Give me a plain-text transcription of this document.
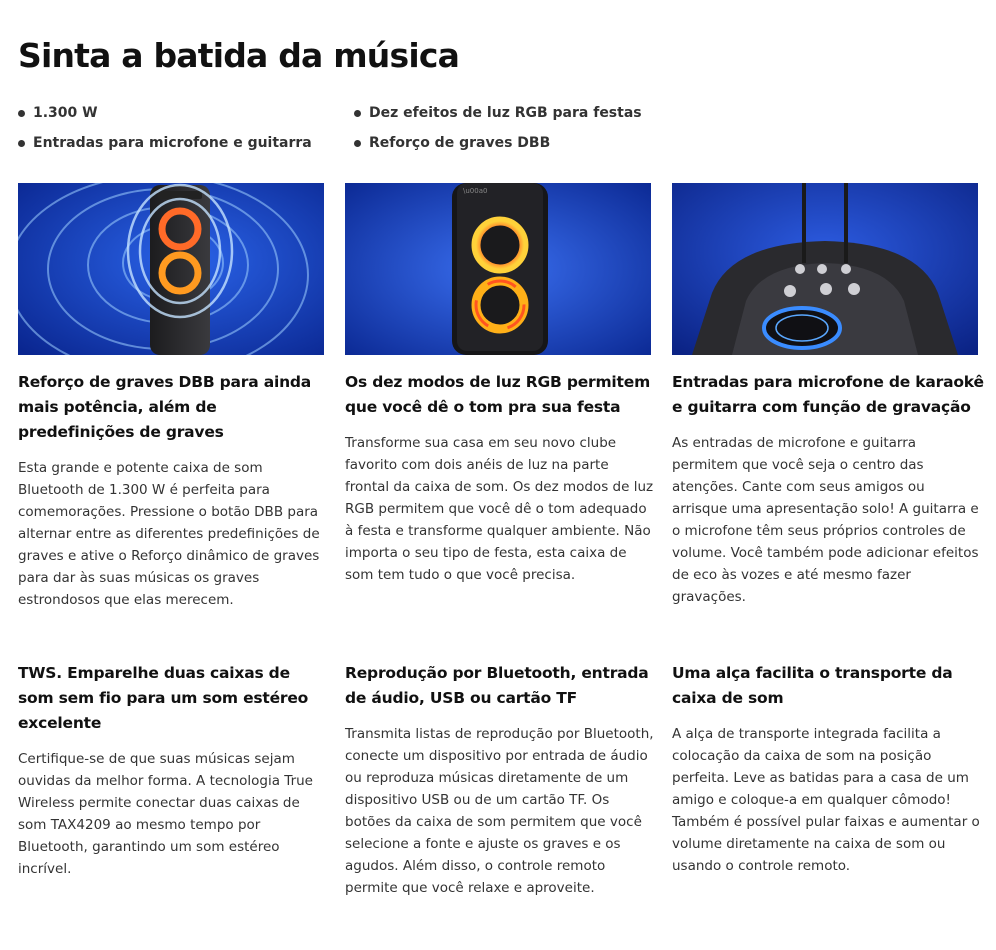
Sinta a batida da música
1.300 W
Entradas para microfone e guitarra
Dez efeitos de luz RGB para festas
Reforço de graves DBB
\u00a0
Reforço de graves DBB para ainda mais potência, além de predefinições de graves

Esta grande e potente caixa de som Bluetooth de 1.300 W é perfeita para comemorações. Pressione o botão DBB para alternar entre as diferentes predefinições de graves e ative o Reforço dinâmico de graves para dar às suas músicas os graves estrondosos que elas merecem.

Os dez modos de luz RGB permitem que você dê o tom pra sua festa

Transforme sua casa em seu novo clube favorito com dois anéis de luz na parte frontal da caixa de som. Os dez modos de luz RGB permitem que você dê o tom adequado à festa e transforme qualquer ambiente. Não importa o seu tipo de festa, esta caixa de som tem tudo o que você precisa.

Entradas para microfone de karaokê e guitarra com função de gravação

As entradas de microfone e guitarra permitem que você seja o centro das atenções. Cante com seus amigos ou arrisque uma apresentação solo! A guitarra e o microfone têm seus próprios controles de volume. Você também pode adicionar efeitos de eco às vozes e até mesmo fazer gravações.

TWS. Emparelhe duas caixas de som sem fio para um som estéreo excelente

Certifique-se de que suas músicas sejam ouvidas da melhor forma. A tecnologia True Wireless permite conectar duas caixas de som TAX4209 ao mesmo tempo por Bluetooth, garantindo um som estéreo incrível.

Reprodução por Bluetooth, entrada de áudio, USB ou cartão TF

Transmita listas de reprodução por Bluetooth, conecte um dispositivo por entrada de áudio ou reproduza músicas diretamente de um dispositivo USB ou de um cartão TF. Os botões da caixa de som permitem que você selecione a fonte e ajuste os graves e os agudos. Além disso, o controle remoto permite que você relaxe e aproveite.

Uma alça facilita o transporte da caixa de som

A alça de transporte integrada facilita a colocação da caixa de som na posição perfeita. Leve as batidas para a casa de um amigo e coloque-a em qualquer cômodo! Também é possível pular faixas e aumentar o volume diretamente na caixa de som ou usando o controle remoto.
